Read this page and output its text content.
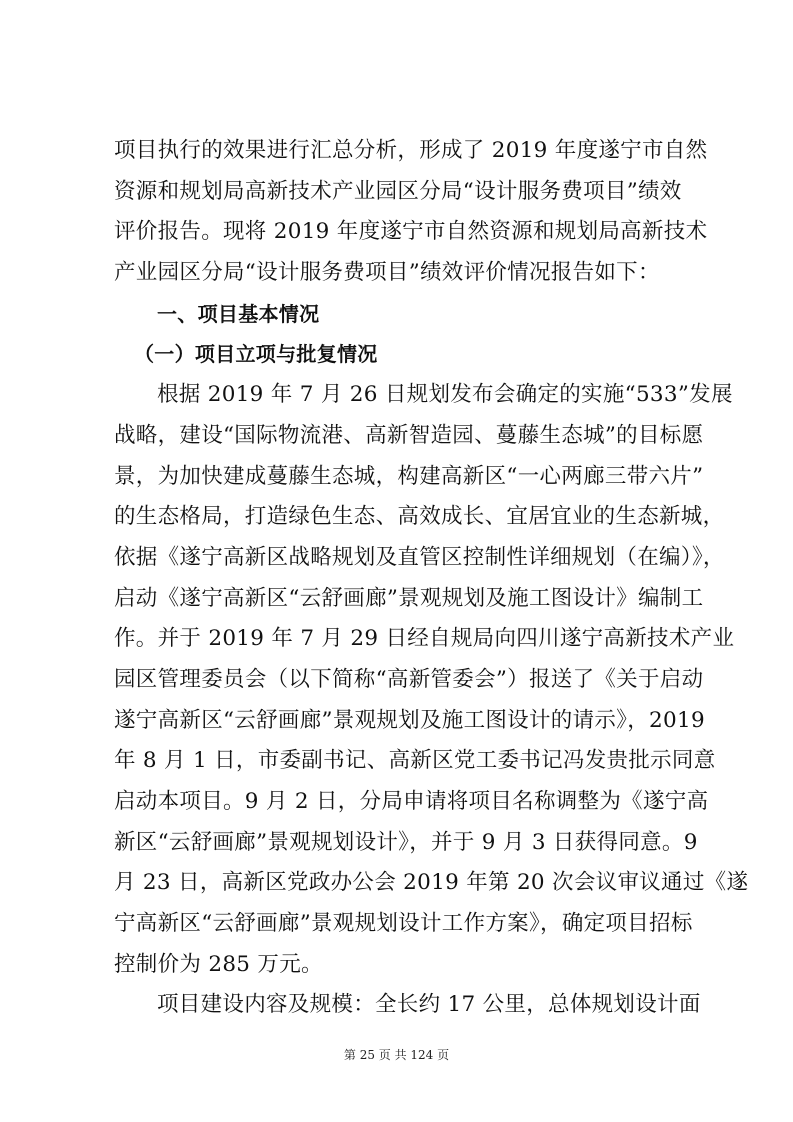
项目执行的效果进行汇总分析，形成了 2019 年度遂宁市自然
资源和规划局高新技术产业园区分局“设计服务费项目”绩效
评价报告。现将 2019 年度遂宁市自然资源和规划局高新技术
产业园区分局“设计服务费项目”绩效评价情况报告如下：
一、项目基本情况
（一）项目立项与批复情况
根据 2019 年 7 月 26 日规划发布会确定的实施“533”发展
战略，建设“国际物流港、高新智造园、蔓藤生态城”的目标愿
景，为加快建成蔓藤生态城，构建高新区“一心两廊三带六片”
的生态格局，打造绿色生态、高效成长、宜居宜业的生态新城，
依据《遂宁高新区战略规划及直管区控制性详细规划（在编）》，
启动《遂宁高新区“云舒画廊”景观规划及施工图设计》编制工
作。并于 2019 年 7 月 29 日经自规局向四川遂宁高新技术产业
园区管理委员会（以下简称“高新管委会”）报送了《关于启动
遂宁高新区“云舒画廊”景观规划及施工图设计的请示》，2019
年 8 月 1 日，市委副书记、高新区党工委书记冯发贵批示同意
启动本项目。9 月 2 日，分局申请将项目名称调整为《遂宁高
新区“云舒画廊”景观规划设计》，并于 9 月 3 日获得同意。9
月 23 日，高新区党政办公会 2019 年第 20 次会议审议通过《遂
宁高新区“云舒画廊”景观规划设计工作方案》，确定项目招标
控制价为 285 万元。
项目建设内容及规模：全长约 17 公里，总体规划设计面
第 25 页 共 124 页
